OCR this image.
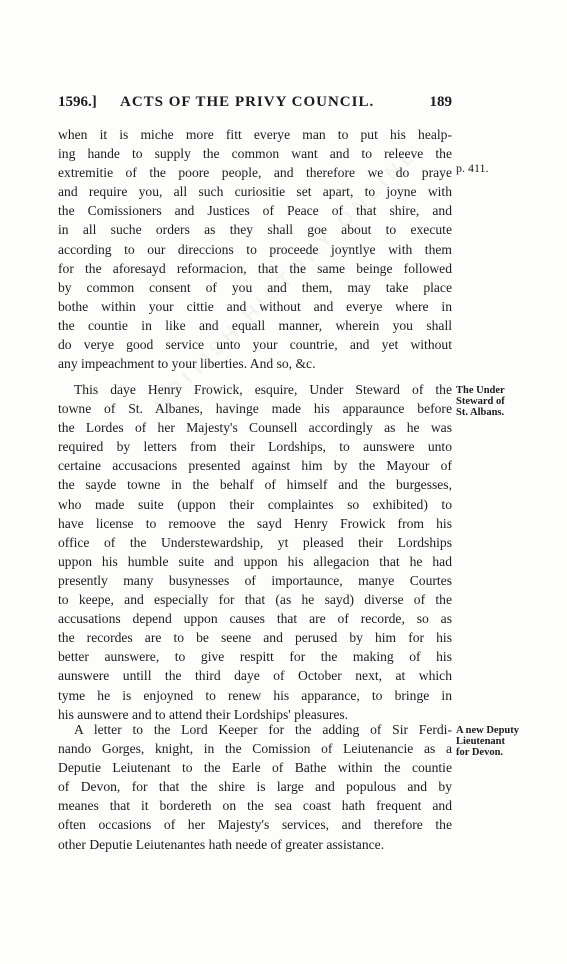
1596.] ACTS OF THE PRIVY COUNCIL.	189
when it is miche more fitt everye man to put his healp-
ing hande to supply the common want and to releeve the
extremitie of the poore people, and therefore we do praye
and require you, all such curiositie set apart, to joyne with
the Comissioners and Justices of Peace of that shire, and
in all suche orders as they shall goe about to execute
according to our direccions to proceede joyntlye with them
for the aforesayd reformacion, that the same beinge followed
by common consent of you and them, may take place
bothe within your cittie and without and everye where in
the countie in like and equall manner, wherein you shall
do verye good service unto your countrie, and yet without
any impeachment to your liberties. And so, &c.
This daye Henry Frowick, esquire, Under Steward of the
towne of St. Albanes, havinge made his apparaunce before
the Lordes of her Majesty's Counsell accordingly as he was
required by letters from their Lordships, to aunswere unto
certaine accusacions presented against him by the Mayour of
the sayde towne in the behalf of himself and the burgesses,
who made suite (uppon their complaintes so exhibited) to
have license to remoove the sayd Henry Frowick from his
office of the Understewardship, yt pleased their Lordships
uppon his humble suite and uppon his allegacion that he had
presently many busynesses of importaunce, manye Courtes
to keepe, and especially for that (as he sayd) diverse of the
accusations depend uppon causes that are of recorde, so as
the recordes are to be seene and perused by him for his
better aunswere, to give respitt for the making of his
aunswere untill the third daye of October next, at which
tyme he is enjoyned to renew his apparance, to bringe in
his aunswere and to attend their Lordships' pleasures.
A letter to the Lord Keeper for the adding of Sir Ferdi-
nando Gorges, knight, in the Comission of Leiutenancie as a
Deputie Leiutenant to the Earle of Bathe within the countie
of Devon, for that the shire is large and populous and by
meanes that it bordereth on the sea coast hath frequent and
often occasions of her Majesty's services, and therefore the
other Deputie Leiutenantes hath neede of greater assistance.
p. 411.
The Under
Steward of
St. Albans.
A new Deputy
Lieutenant
for Devon.
